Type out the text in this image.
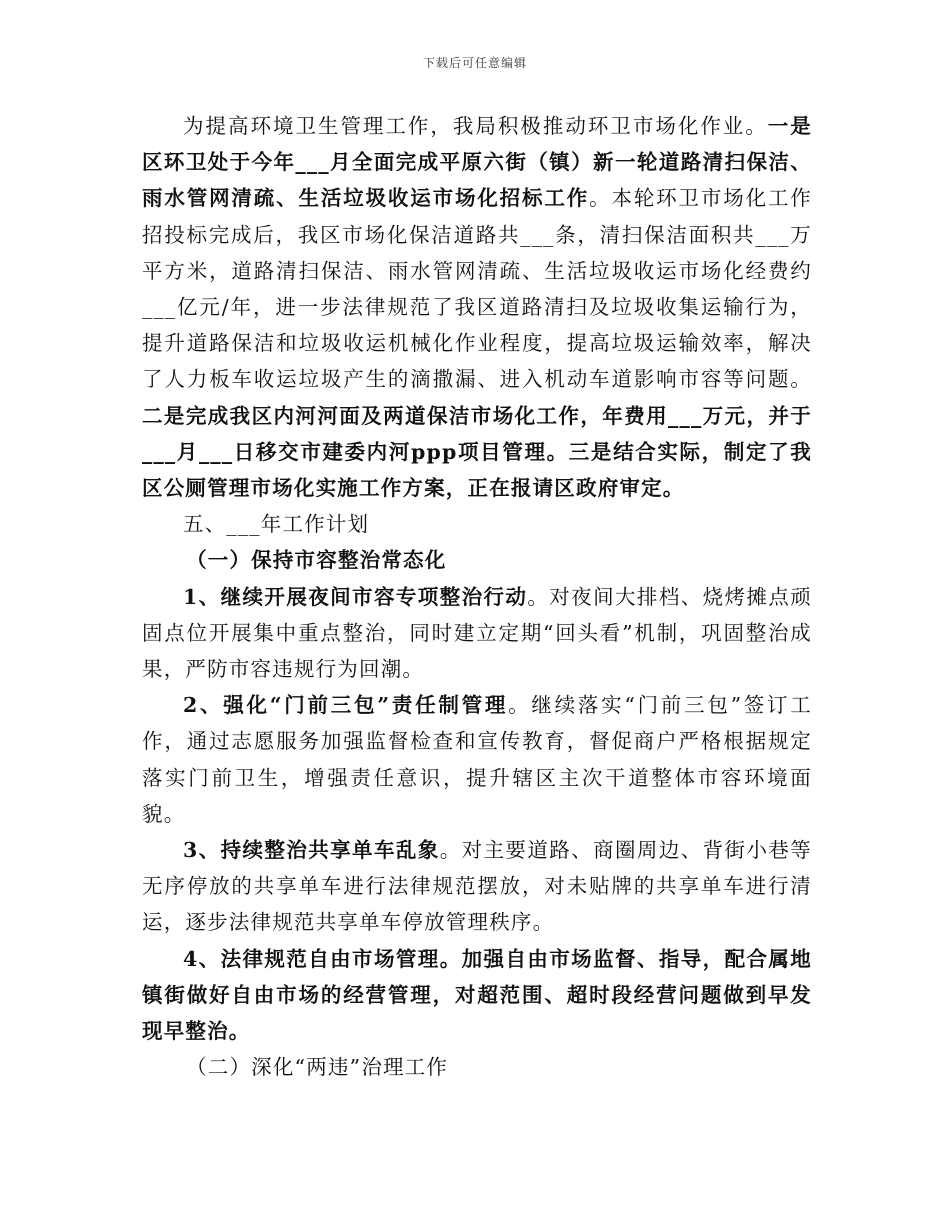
下载后可任意编辑

为提高环境卫生管理工作，我局积极推动环卫市场化作业。一是区环卫处于今年___月全面完成平原六街（镇）新一轮道路清扫保洁、雨水管网清疏、生活垃圾收运市场化招标工作。本轮环卫市场化工作招投标完成后，我区市场化保洁道路共___条，清扫保洁面积共___万平方米，道路清扫保洁、雨水管网清疏、生活垃圾收运市场化经费约___亿元/年，进一步法律规范了我区道路清扫及垃圾收集运输行为，提升道路保洁和垃圾收运机械化作业程度，提高垃圾运输效率，解决了人力板车收运垃圾产生的滴撒漏、进入机动车道影响市容等问题。二是完成我区内河河面及两道保洁市场化工作，年费用___万元，并于___月___日移交市建委内河ppp项目管理。三是结合实际，制定了我区公厕管理市场化实施工作方案，正在报请区政府审定。

五、___年工作计划

（一）保持市容整治常态化

1、继续开展夜间市容专项整治行动。对夜间大排档、烧烤摊点顽固点位开展集中重点整治，同时建立定期“回头看”机制，巩固整治成果，严防市容违规行为回潮。

2、强化“门前三包”责任制管理。继续落实“门前三包”签订工作，通过志愿服务加强监督检查和宣传教育，督促商户严格根据规定落实门前卫生，增强责任意识，提升辖区主次干道整体市容环境面貌。

3、持续整治共享单车乱象。对主要道路、商圈周边、背街小巷等无序停放的共享单车进行法律规范摆放，对未贴牌的共享单车进行清运，逐步法律规范共享单车停放管理秩序。

4、法律规范自由市场管理。加强自由市场监督、指导，配合属地镇街做好自由市场的经营管理，对超范围、超时段经营问题做到早发现早整治。

（二）深化“两违”治理工作
